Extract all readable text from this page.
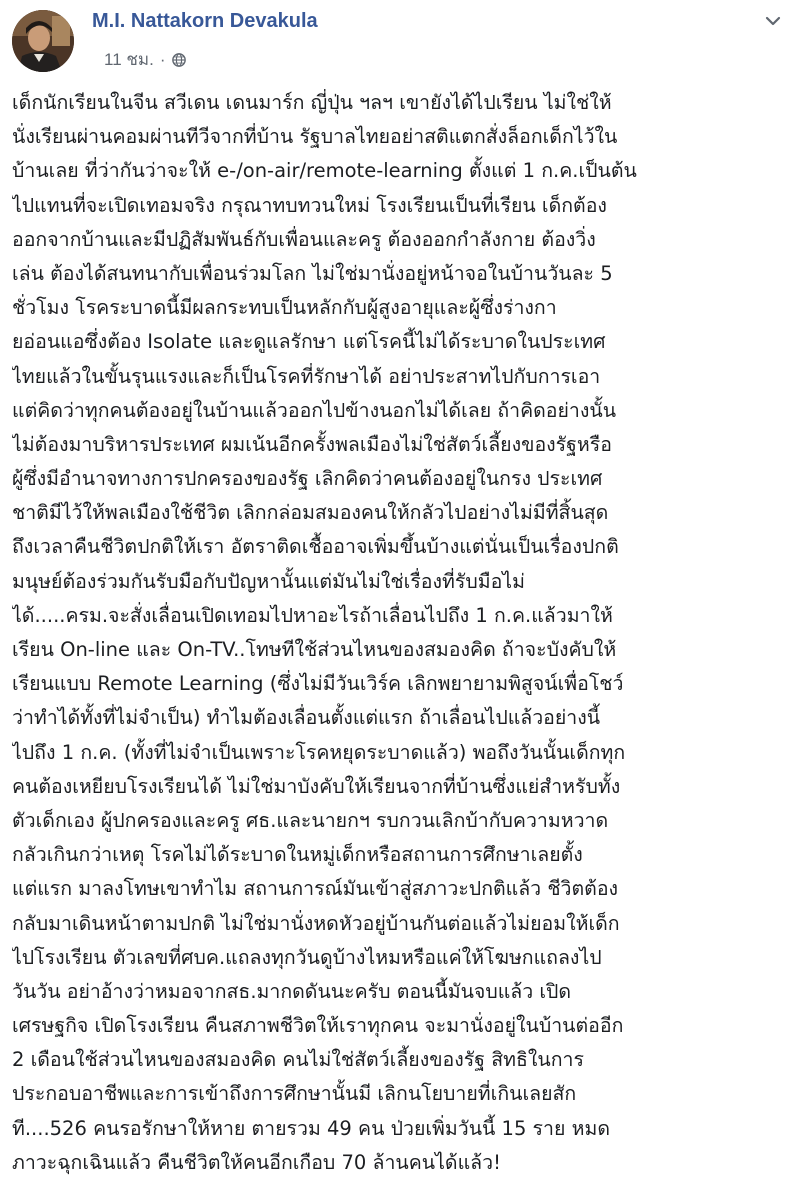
M.I. Nattakorn Devakula
11 ชม. ·
เด็กนักเรียนในจีน สวีเดน เดนมาร์ก ญี่ปุ่น ฯลฯ เขายังได้ไปเรียน ไม่ใช่ให้
นั่งเรียนผ่านคอมผ่านทีวีจากที่บ้าน รัฐบาลไทยอย่าสติแตกสั่งล็อกเด็กไว้ใน
บ้านเลย ที่ว่ากันว่าจะให้ e-/on-air/remote-learning ตั้งแต่ 1 ก.ค.เป็นต้น
ไปแทนที่จะเปิดเทอมจริง กรุณาทบทวนใหม่ โรงเรียนเป็นที่เรียน เด็กต้อง
ออกจากบ้านและมีปฏิสัมพันธ์กับเพื่อนและครู ต้องออกกำลังกาย ต้องวิ่ง
เล่น ต้องได้สนทนากับเพื่อนร่วมโลก ไม่ใช่มานั่งอยู่หน้าจอในบ้านวันละ 5
ชั่วโมง โรคระบาดนี้มีผลกระทบเป็นหลักกับผู้สูงอายุและผู้ซึ่งร่างกา
ยอ่อนแอซึ่งต้อง Isolate และดูแลรักษา แต่โรคนี้ไม่ได้ระบาดในประเทศ
ไทยแล้วในขั้นรุนแรงและก็เป็นโรคที่รักษาได้ อย่าประสาทไปกับการเอา
แต่คิดว่าทุกคนต้องอยู่ในบ้านแล้วออกไปข้างนอกไม่ได้เลย ถ้าคิดอย่างนั้น
ไม่ต้องมาบริหารประเทศ ผมเน้นอีกครั้งพลเมืองไม่ใช่สัตว์เลี้ยงของรัฐหรือ
ผู้ซึ่งมีอำนาจทางการปกครองของรัฐ เลิกคิดว่าคนต้องอยู่ในกรง ประเทศ
ชาติมีไว้ให้พลเมืองใช้ชีวิต เลิกกล่อมสมองคนให้กลัวไปอย่างไม่มีที่สิ้นสุด
ถึงเวลาคืนชีวิตปกติให้เรา อัตราติดเชื้ออาจเพิ่มขึ้นบ้างแต่นั่นเป็นเรื่องปกติ
มนุษย์ต้องร่วมกันรับมือกับปัญหานั้นแต่มันไม่ใช่เรื่องที่รับมือไม่
ได้.....ครม.จะสั่งเลื่อนเปิดเทอมไปหาอะไรถ้าเลื่อนไปถึง 1 ก.ค.แล้วมาให้
เรียน On-line และ On-TV..โทษทีใช้ส่วนไหนของสมองคิด ถ้าจะบังคับให้
เรียนแบบ Remote Learning (ซึ่งไม่มีวันเวิร์ค เลิกพยายามพิสูจน์เพื่อโชว์
ว่าทำได้ทั้งที่ไม่จำเป็น) ทำไมต้องเลื่อนตั้งแต่แรก ถ้าเลื่อนไปแล้วอย่างนี้
ไปถึง 1 ก.ค. (ทั้งที่ไม่จำเป็นเพราะโรคหยุดระบาดแล้ว) พอถึงวันนั้นเด็กทุก
คนต้องเหยียบโรงเรียนได้ ไม่ใช่มาบังคับให้เรียนจากที่บ้านซึ่งแย่สำหรับทั้ง
ตัวเด็กเอง ผู้ปกครองและครู ศธ.และนายกฯ รบกวนเลิกบ้ากับความหวาด
กลัวเกินกว่าเหตุ โรคไม่ได้ระบาดในหมู่เด็กหรือสถานการศึกษาเลยตั้ง
แต่แรก มาลงโทษเขาทำไม สถานการณ์มันเข้าสู่สภาวะปกติแล้ว ชีวิตต้อง
กลับมาเดินหน้าตามปกติ ไม่ใช่มานั่งหดหัวอยู่บ้านกันต่อแล้วไม่ยอมให้เด็ก
ไปโรงเรียน ตัวเลขที่ศบค.แถลงทุกวันดูบ้างไหมหรือแค่ให้โฆษกแถลงไป
วันวัน อย่าอ้างว่าหมอจากสธ.มากดดันนะครับ ตอนนี้มันจบแล้ว เปิด
เศรษฐกิจ เปิดโรงเรียน คืนสภาพชีวิตให้เราทุกคน จะมานั่งอยู่ในบ้านต่ออีก
2 เดือนใช้ส่วนไหนของสมองคิด คนไม่ใช่สัตว์เลี้ยงของรัฐ สิทธิในการ
ประกอบอาชีพและการเข้าถึงการศึกษานั้นมี เลิกนโยบายที่เกินเลยสัก
ที....526 คนรอรักษาให้หาย ตายรวม 49 คน ป่วยเพิ่มวันนี้ 15 ราย หมด
ภาวะฉุกเฉินแล้ว คืนชีวิตให้คนอีกเกือบ 70 ล้านคนได้แล้ว!
